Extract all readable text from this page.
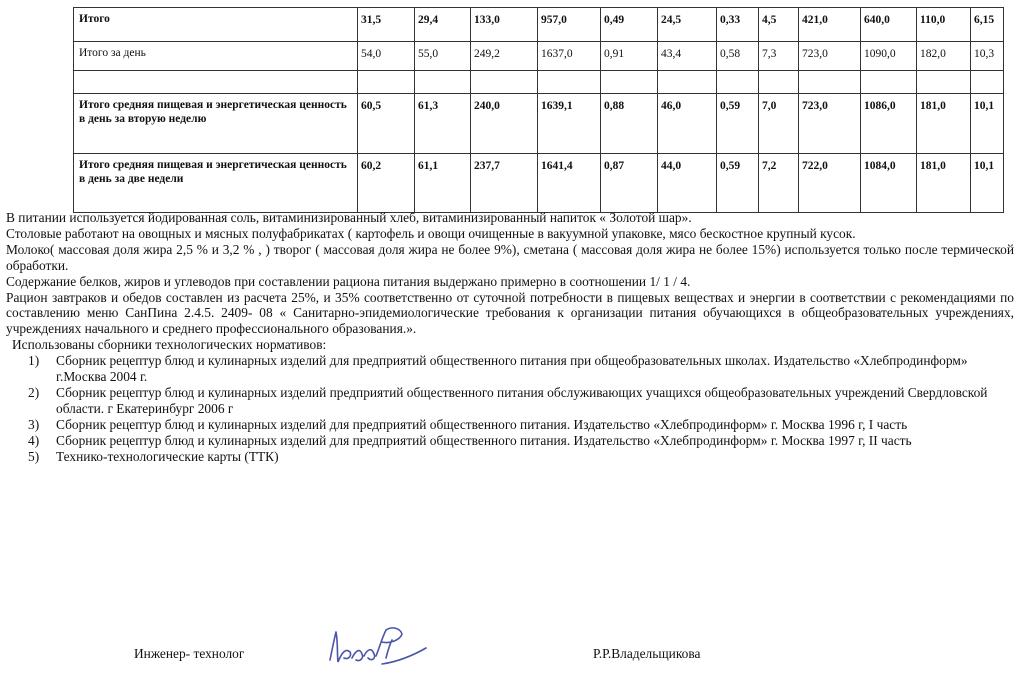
Итого	31,5	29,4	133,0	957,0	0,49	24,5	0,33	4,5	421,0	640,0	110,0	6,15
Итого за день	54,0	55,0	249,2	1637,0	0,91	43,4	0,58	7,3	723,0	1090,0	182,0	10,3

Итого средняя пищевая и энергетическая ценность в день за вторую неделю	60,5	61,3	240,0	1639,1	0,88	46,0	0,59	7,0	723,0	1086,0	181,0	10,1
Итого средняя пищевая и энергетическая ценность в день за две недели	60,2	61,1	237,7	1641,4	0,87	44,0	0,59	7,2	722,0	1084,0	181,0	10,1

В питании используется йодированная соль, витаминизированный хлеб, витаминизированный напиток « Золотой шар».

Столовые работают на овощных и мясных полуфабрикатах ( картофель и овощи очищенные в вакуумной упаковке, мясо бескостное крупный кусок.

Молоко( массовая доля жира 2,5 % и 3,2 % , ) творог ( массовая доля жира не более 9%), сметана ( массовая доля жира не более 15%) используется только после термической обработки.

Содержание белков, жиров и углеводов при составлении рациона питания выдержано примерно в соотношении 1/ 1 / 4.

Рацион завтраков и обедов составлен из расчета 25%, и 35% соответственно от суточной потребности в пищевых веществах и энергии в соответствии с рекомендациями по составлению меню СанПина 2.4.5. 2409- 08 « Санитарно-эпидемиологические требования к организации питания обучающихся в общеобразовательных учреждениях, учреждениях начального и среднего профессионального образования.».

Использованы сборники технологических нормативов:

1) Сборник рецептур блюд и кулинарных изделий для предприятий общественного питания при общеобразовательных школах. Издательство «Хлебпродинформ» г.Москва 2004 г.
2) Сборник рецептур блюд и кулинарных изделий предприятий общественного питания обслуживающих учащихся общеобразовательных учреждений Свердловской области. г Екатеринбург 2006 г
3) Сборник рецептур блюд и кулинарных изделий для предприятий общественного питания. Издательство «Хлебпродинформ» г. Москва 1996 г, I часть
4) Сборник рецептур блюд и кулинарных изделий для предприятий общественного питания. Издательство «Хлебпродинформ» г. Москва 1997 г, II часть
5) Технико-технологические карты (ТТК)
Инженер- технолог	Р.Р.Владельщикова
